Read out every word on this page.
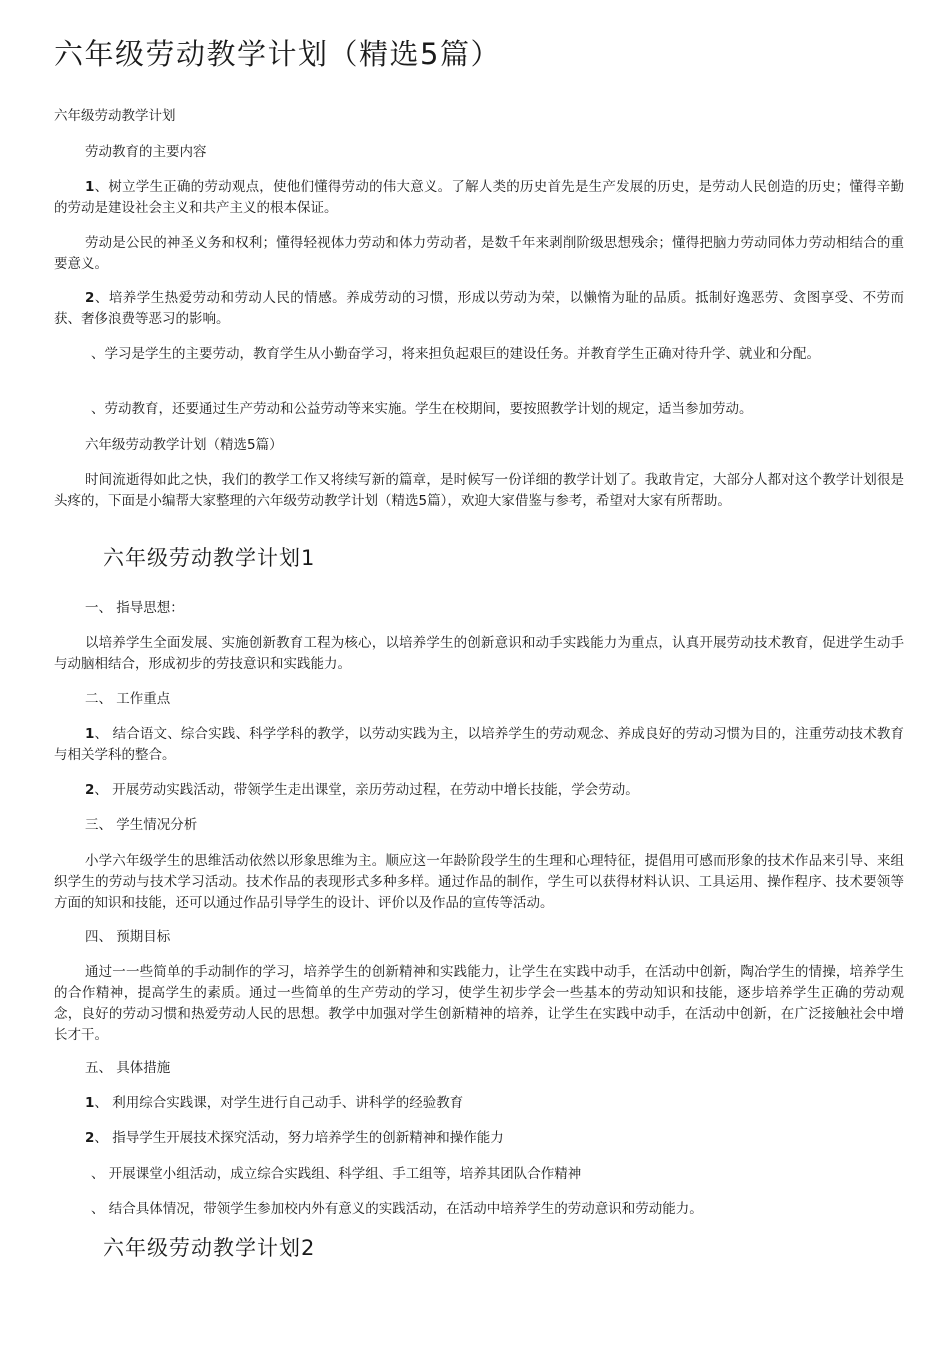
六年级劳动教学计划（精选5篇）

六年级劳动教学计划

劳动教育的主要内容

1、树立学生正确的劳动观点，使他们懂得劳动的伟大意义。了解人类的历史首先是生产发展的历史，是劳动人民创造的历史；懂得辛勤的劳动是建设社会主义和共产主义的根本保证。

劳动是公民的神圣义务和权利；懂得轻视体力劳动和体力劳动者，是数千年来剥削阶级思想残余；懂得把脑力劳动同体力劳动相结合的重要意义。

2、培养学生热爱劳动和劳动人民的情感。养成劳动的习惯，形成以劳动为荣，以懒惰为耻的品质。抵制好逸恶劳、贪图享受、不劳而获、奢侈浪费等恶习的影响。

、学习是学生的主要劳动，教育学生从小勤奋学习，将来担负起艰巨的建设任务。并教育学生正确对待升学、就业和分配。

、劳动教育，还要通过生产劳动和公益劳动等来实施。学生在校期间，要按照教学计划的规定，适当参加劳动。

六年级劳动教学计划（精选5篇）

时间流逝得如此之快，我们的教学工作又将续写新的篇章，是时候写一份详细的教学计划了。我敢肯定，大部分人都对这个教学计划很是头疼的，下面是小编帮大家整理的六年级劳动教学计划（精选5篇），欢迎大家借鉴与参考，希望对大家有所帮助。

六年级劳动教学计划1

一、 指导思想：

以培养学生全面发展、实施创新教育工程为核心，以培养学生的创新意识和动手实践能力为重点，认真开展劳动技术教育，促进学生动手与动脑相结合，形成初步的劳技意识和实践能力。

二、 工作重点

1、 结合语文、综合实践、科学学科的教学，以劳动实践为主，以培养学生的劳动观念、养成良好的劳动习惯为目的，注重劳动技术教育与相关学科的整合。

2、 开展劳动实践活动，带领学生走出课堂，亲历劳动过程，在劳动中增长技能，学会劳动。

三、 学生情况分析

小学六年级学生的思维活动依然以形象思维为主。顺应这一年龄阶段学生的生理和心理特征，提倡用可感而形象的技术作品来引导、来组织学生的劳动与技术学习活动。技术作品的表现形式多种多样。通过作品的制作，学生可以获得材料认识、工具运用、操作程序、技术要领等方面的知识和技能，还可以通过作品引导学生的设计、评价以及作品的宣传等活动。

四、 预期目标

通过一一些简单的手动制作的学习，培养学生的创新精神和实践能力，让学生在实践中动手，在活动中创新，陶冶学生的情操，培养学生的合作精神，提高学生的素质。通过一些简单的生产劳动的学习，使学生初步学会一些基本的劳动知识和技能，逐步培养学生正确的劳动观念，良好的劳动习惯和热爱劳动人民的思想。教学中加强对学生创新精神的培养，让学生在实践中动手，在活动中创新，在广泛接触社会中增长才干。

五、 具体措施

1、 利用综合实践课，对学生进行自己动手、讲科学的经验教育

2、 指导学生开展技术探究活动，努力培养学生的创新精神和操作能力

、 开展课堂小组活动，成立综合实践组、科学组、手工组等，培养其团队合作精神

、 结合具体情况，带领学生参加校内外有意义的实践活动，在活动中培养学生的劳动意识和劳动能力。

六年级劳动教学计划2
